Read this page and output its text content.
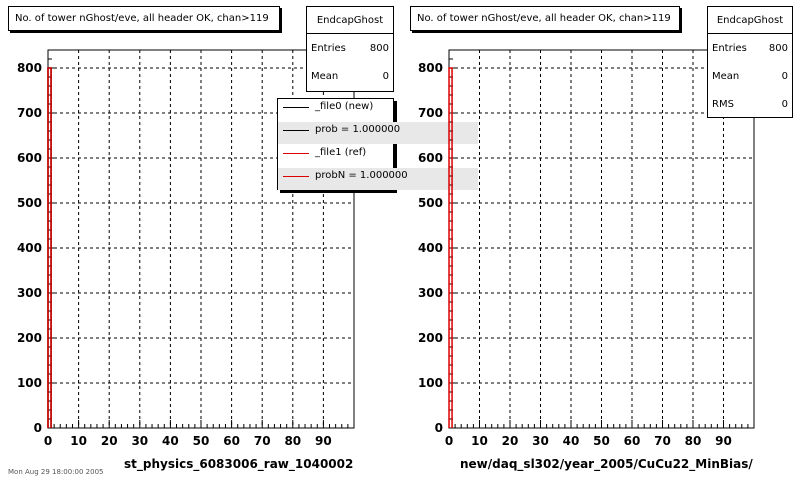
0 10 20 30 40 50 60 70 80 90
0
100
200
300
400
500
600
700
800
No. of tower nGhost/eve, all header OK, chan>119	EndcapGhost
Entries 800
Mean	0
_file0 (new)
prob = 1.000000
_file1 (ref)
probN = 1.000000
st_physics_6083006_raw_1040002
0 10 20 30 40 50 60 70 80 90
0
100
200
300
400
500
600
700
800
No. of tower nGhost/eve, all header OK, chan>119	EndcapGhost
Entries 800
Mean	0
RMS	0
new/daq_sl302/year_2005/CuCu22_MinBias/
Mon Aug 29 18:00:00 2005
